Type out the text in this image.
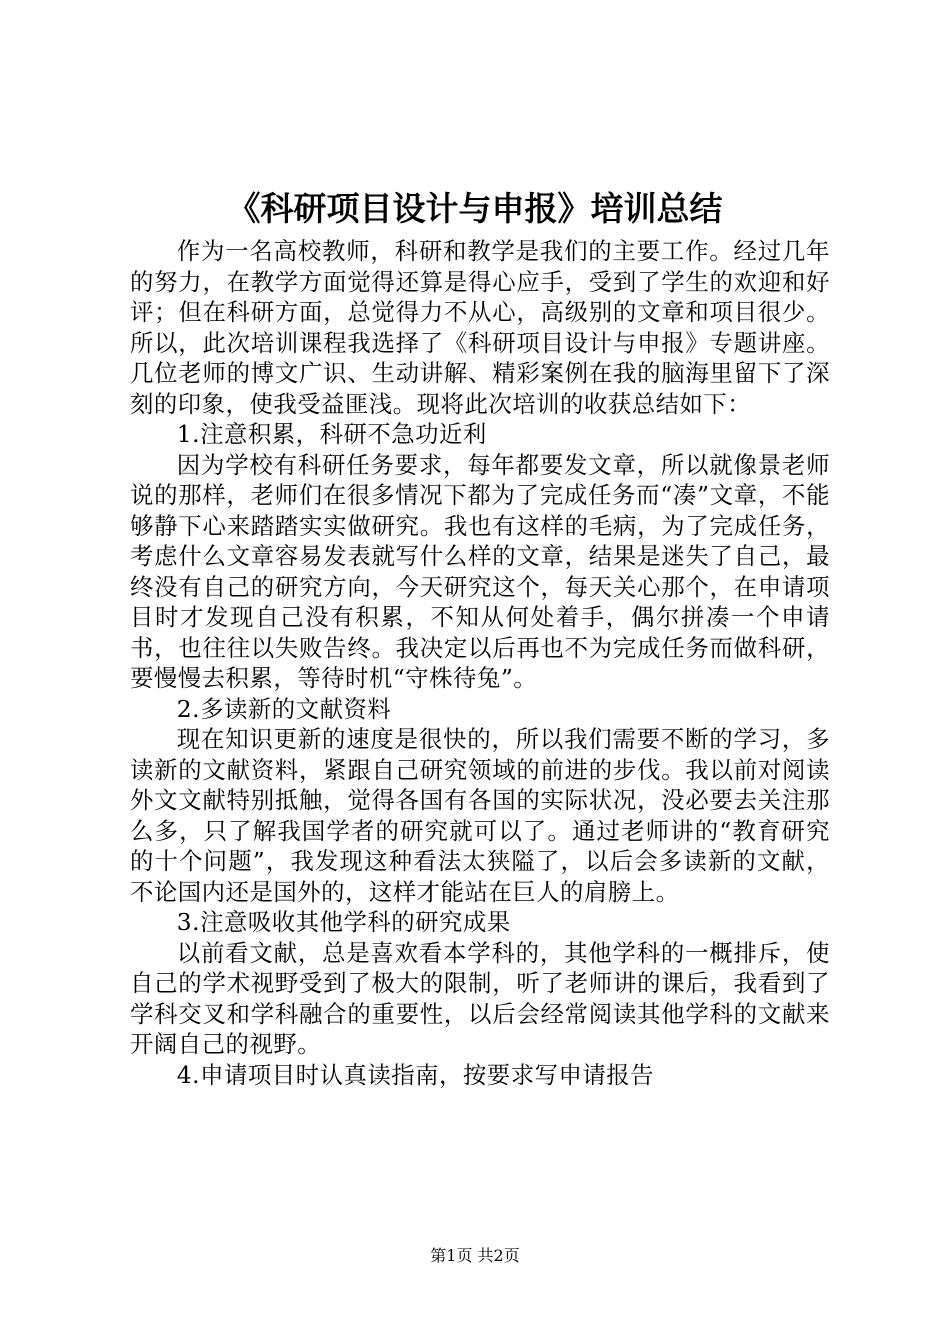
《科研项目设计与申报》培训总结

作为一名高校教师，科研和教学是我们的主要工作。经过几年的努力，在教学方面觉得还算是得心应手，受到了学生的欢迎和好评；但在科研方面，总觉得力不从心，高级别的文章和项目很少。所以，此次培训课程我选择了《科研项目设计与申报》专题讲座。几位老师的博文广识、生动讲解、精彩案例在我的脑海里留下了深刻的印象，使我受益匪浅。现将此次培训的收获总结如下：

1.注意积累，科研不急功近利

因为学校有科研任务要求，每年都要发文章，所以就像景老师说的那样，老师们在很多情况下都为了完成任务而“凑”文章，不能够静下心来踏踏实实做研究。我也有这样的毛病，为了完成任务，考虑什么文章容易发表就写什么样的文章，结果是迷失了自己，最终没有自己的研究方向，今天研究这个，每天关心那个，在申请项目时才发现自己没有积累，不知从何处着手，偶尔拼凑一个申请书，也往往以失败告终。我决定以后再也不为完成任务而做科研，要慢慢去积累，等待时机“守株待兔”。

2.多读新的文献资料

现在知识更新的速度是很快的，所以我们需要不断的学习，多读新的文献资料，紧跟自己研究领域的前进的步伐。我以前对阅读外文文献特别抵触，觉得各国有各国的实际状况，没必要去关注那么多，只了解我国学者的研究就可以了。通过老师讲的“教育研究的十个问题”，我发现这种看法太狭隘了，以后会多读新的文献，不论国内还是国外的，这样才能站在巨人的肩膀上。

3.注意吸收其他学科的研究成果

以前看文献，总是喜欢看本学科的，其他学科的一概排斥，使自己的学术视野受到了极大的限制，听了老师讲的课后，我看到了学科交叉和学科融合的重要性，以后会经常阅读其他学科的文献来开阔自己的视野。

4.申请项目时认真读指南，按要求写申请报告

第1页 共2页
